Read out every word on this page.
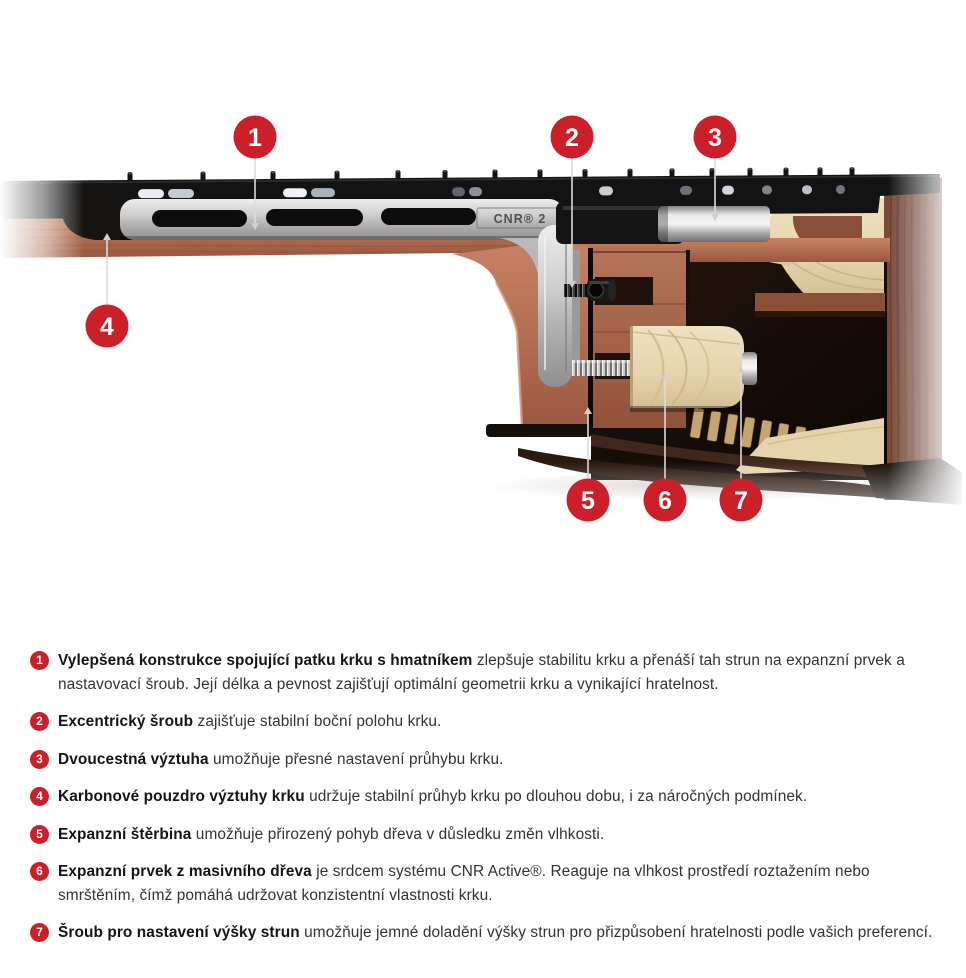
CNR® 2
1	2	3
4
5	6 7
1 Vylepšená konstrukce spojující patku krku s hmatníkem zlepšuje stabilitu krku a přenáší tah strun na expanzní prvek a nastavovací šroub. Její délka a pevnost zajišťují optimální geometrii krku a vynikající hratelnost.

2 Excentrický šroub zajišťuje stabilní boční polohu krku.

3 Dvoucestná výztuha umožňuje přesné nastavení průhybu krku.

4 Karbonové pouzdro výztuhy krku udržuje stabilní průhyb krku po dlouhou dobu, i za náročných podmínek.

5 Expanzní štěrbina umožňuje přirozený pohyb dřeva v důsledku změn vlhkosti.

6 Expanzní prvek z masivního dřeva je srdcem systému CNR Active®. Reaguje na vlhkost prostředí roztažením nebo smrštěním, čímž pomáhá udržovat konzistentní vlastnosti krku.

7 Šroub pro nastavení výšky strun umožňuje jemné doladění výšky strun pro přizpůsobení hratelnosti podle vašich preferencí.
